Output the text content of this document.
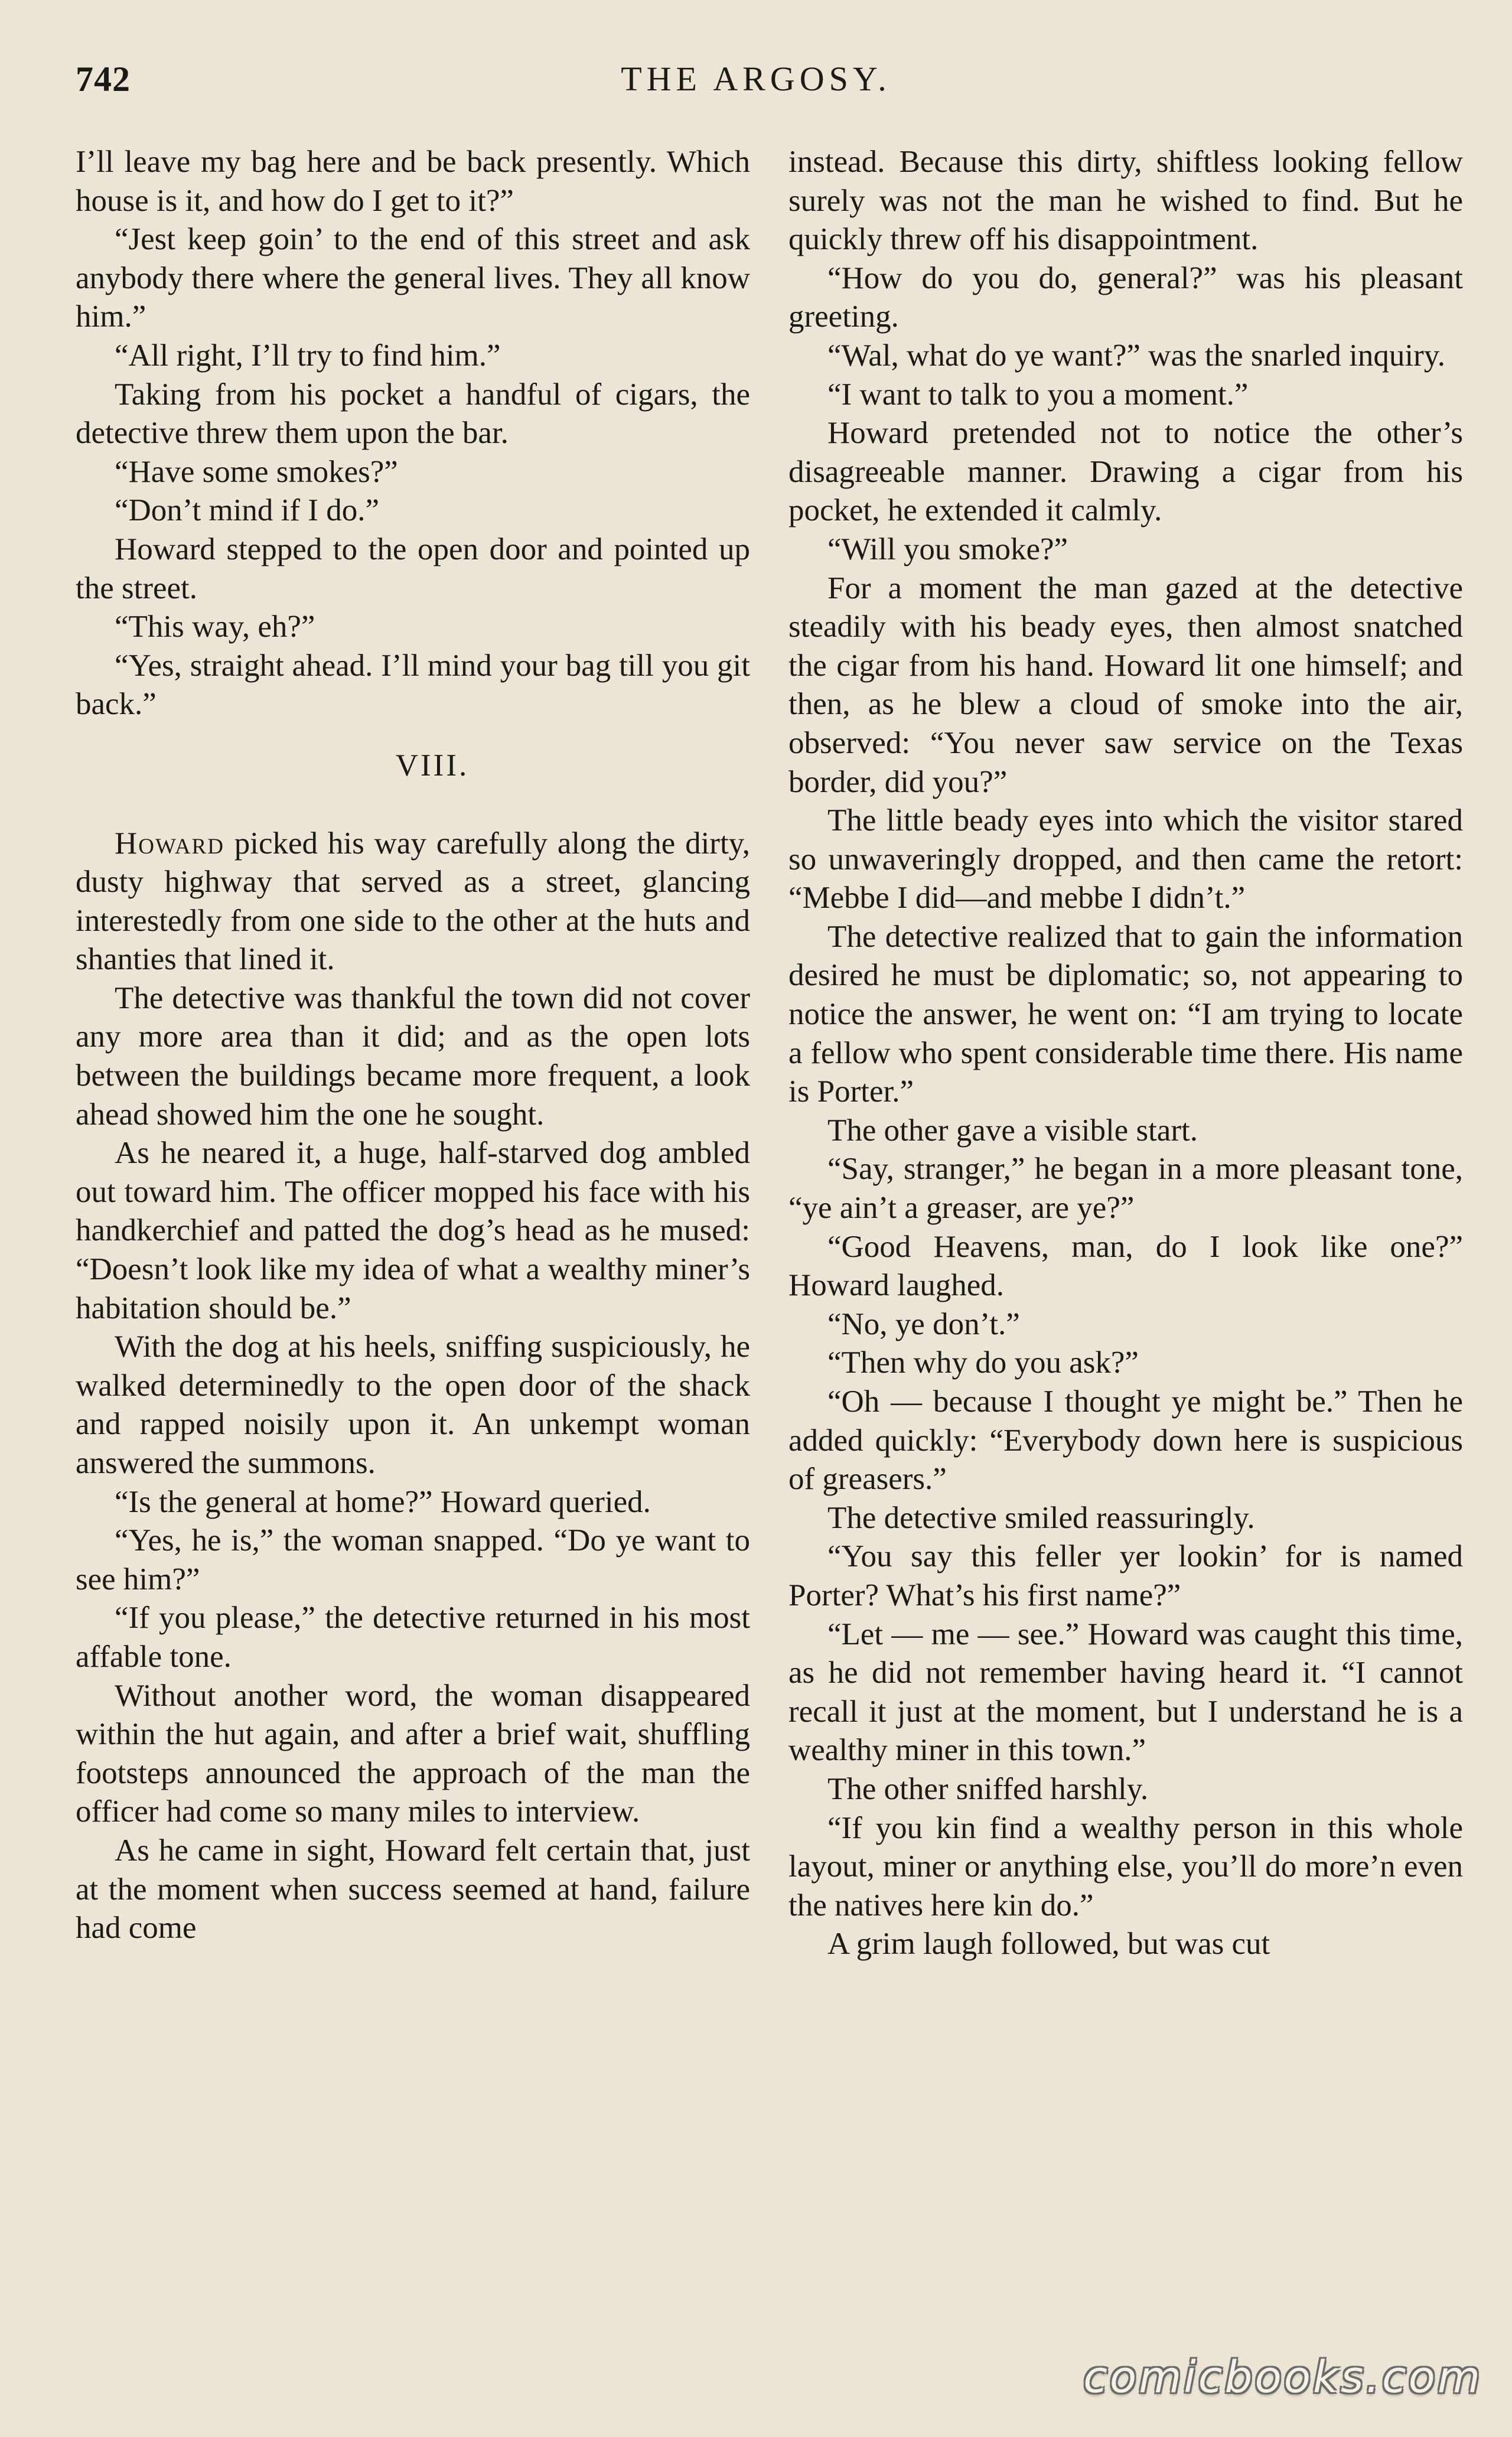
742	THE ARGOSY.

I’ll leave my bag here and be back presently. Which house is it, and how do I get to it?”

“Jest keep goin’ to the end of this street and ask anybody there where the general lives. They all know him.”

“All right, I’ll try to find him.”

Taking from his pocket a handful of cigars, the detective threw them upon the bar.

“Have some smokes?”

“Don’t mind if I do.”

Howard stepped to the open door and pointed up the street.

“This way, eh?”

“Yes, straight ahead. I’ll mind your bag till you git back.”

VIII.

Howard picked his way carefully along the dirty, dusty highway that served as a street, glancing interestedly from one side to the other at the huts and shanties that lined it.

The detective was thankful the town did not cover any more area than it did; and as the open lots between the buildings became more frequent, a look ahead showed him the one he sought.

As he neared it, a huge, half-starved dog ambled out toward him. The officer mopped his face with his handkerchief and patted the dog’s head as he mused: “Doesn’t look like my idea of what a wealthy miner’s habitation should be.”

With the dog at his heels, sniffing suspiciously, he walked determinedly to the open door of the shack and rapped noisily upon it. An unkempt woman answered the summons.

“Is the general at home?” Howard queried.

“Yes, he is,” the woman snapped. “Do ye want to see him?”

“If you please,” the detective returned in his most affable tone.

Without another word, the woman disappeared within the hut again, and after a brief wait, shuffling footsteps announced the approach of the man the officer had come so many miles to interview.

As he came in sight, Howard felt certain that, just at the moment when success seemed at hand, failure had come

instead. Because this dirty, shiftless looking fellow surely was not the man he wished to find. But he quickly threw off his disappointment.

“How do you do, general?” was his pleasant greeting.

“Wal, what do ye want?” was the snarled inquiry.

“I want to talk to you a moment.”

Howard pretended not to notice the other’s disagreeable manner. Drawing a cigar from his pocket, he extended it calmly.

“Will you smoke?”

For a moment the man gazed at the detective steadily with his beady eyes, then almost snatched the cigar from his hand. Howard lit one himself; and then, as he blew a cloud of smoke into the air, observed: “You never saw service on the Texas border, did you?”

The little beady eyes into which the visitor stared so unwaveringly dropped, and then came the retort: “Mebbe I did—and mebbe I didn’t.”

The detective realized that to gain the information desired he must be diplomatic; so, not appearing to notice the answer, he went on: “I am trying to locate a fellow who spent considerable time there. His name is Porter.”

The other gave a visible start.

“Say, stranger,” he began in a more pleasant tone, “ye ain’t a greaser, are ye?”

“Good Heavens, man, do I look like one?” Howard laughed.

“No, ye don’t.”

“Then why do you ask?”

“Oh — because I thought ye might be.” Then he added quickly: “Everybody down here is suspicious of greasers.”

The detective smiled reassuringly.

“You say this feller yer lookin’ for is named Porter? What’s his first name?”

“Let — me — see.” Howard was caught this time, as he did not remember having heard it. “I cannot recall it just at the moment, but I understand he is a wealthy miner in this town.”

The other sniffed harshly.

“If you kin find a wealthy person in this whole layout, miner or anything else, you’ll do more’n even the natives here kin do.”

A grim laugh followed, but was cut

comicbooks.com
